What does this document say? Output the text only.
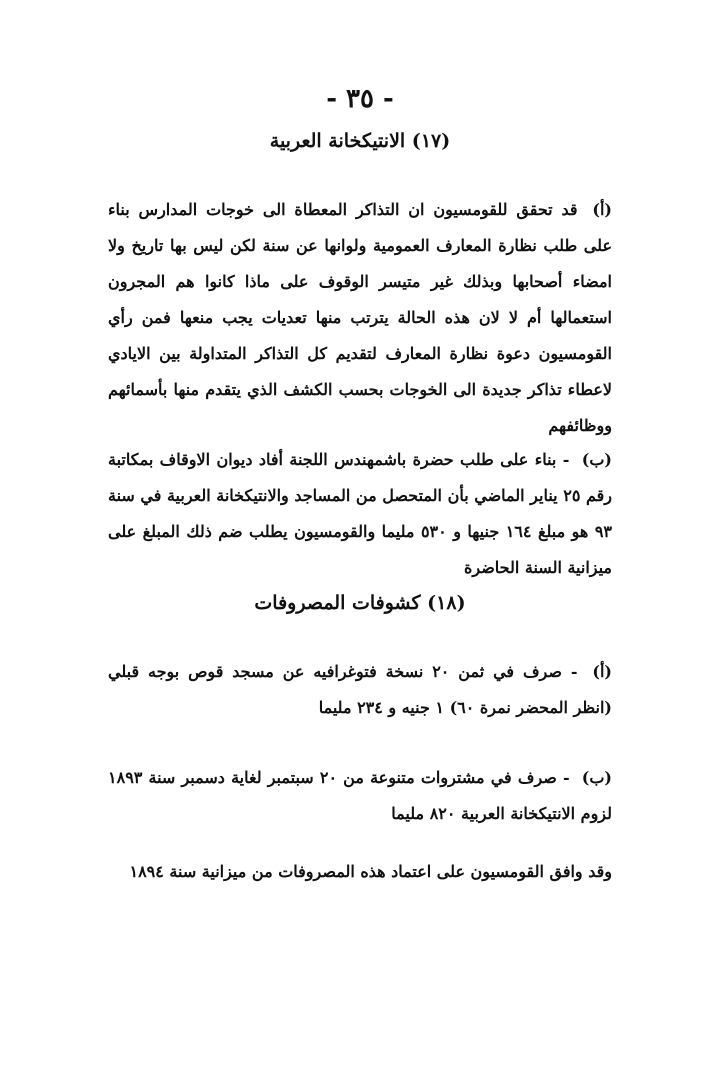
- ٣٥ -
(١٧) الانتيكخانة العربية
(أ) قد تحقق للقومسيون ان التذاكر المعطاة الى خوجات المدارس بناء على طلب نظارة المعارف العمومية ولوانها عن سنة لكن ليس بها تاريخ ولا امضاء أصحابها وبذلك غير متيسر الوقوف على ماذا كانوا هم المجرون استعمالها أم لا لان هذه الحالة يترتب منها تعديات يجب منعها فمن رأي القومسيون دعوة نظارة المعارف لتقديم كل التذاكر المتداولة بين الايادي لاعطاء تذاكر جديدة الى الخوجات بحسب الكشف الذي يتقدم منها بأسمائهم ووظائفهم
(ب) - بناء على طلب حضرة باشمهندس اللجنة أفاد ديوان الاوقاف بمكاتبة رقم ٢٥ يناير الماضي بأن المتحصل من المساجد والانتيكخانة العربية في سنة ٩٣ هو مبلغ ١٦٤ جنيها و ٥٣٠ مليما والقومسيون يطلب ضم ذلك المبلغ على ميزانية السنة الحاضرة
(١٨) كشوفات المصروفات
(أ) - صرف في ثمن ٢٠ نسخة فتوغرافيه عن مسجد قوص بوجه قبلي (انظر المحضر نمرة ٦٠) ١ جنيه و ٢٣٤ مليما
(ب) - صرف في مشتروات متنوعة من ٢٠ سبتمبر لغاية دسمبر سنة ١٨٩٣ لزوم الانتيكخانة العربية ٨٢٠ مليما
وقد وافق القومسيون على اعتماد هذه المصروفات من ميزانية سنة ١٨٩٤
